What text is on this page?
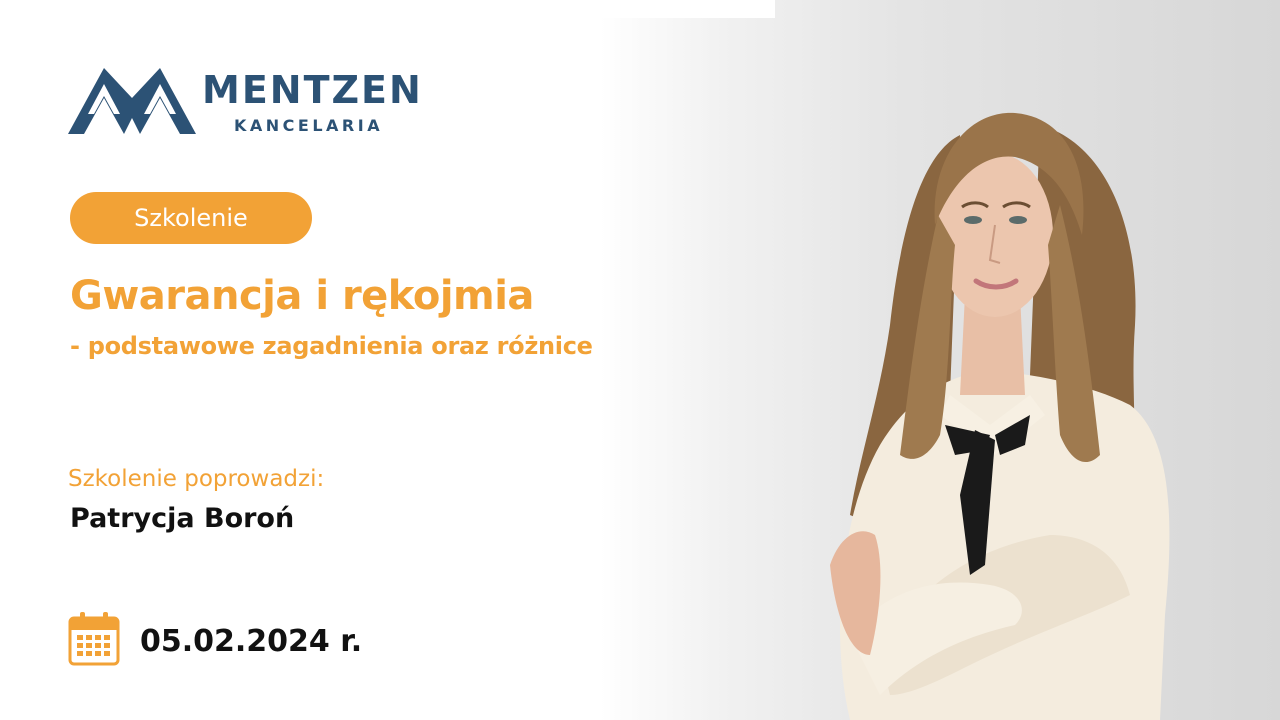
MENTZEN
KANCELARIA
Szkolenie
Gwarancja i rękojmia
- podstawowe zagadnienia oraz różnice
Szkolenie poprowadzi:
Patrycja Boroń
05.02.2024 r.
